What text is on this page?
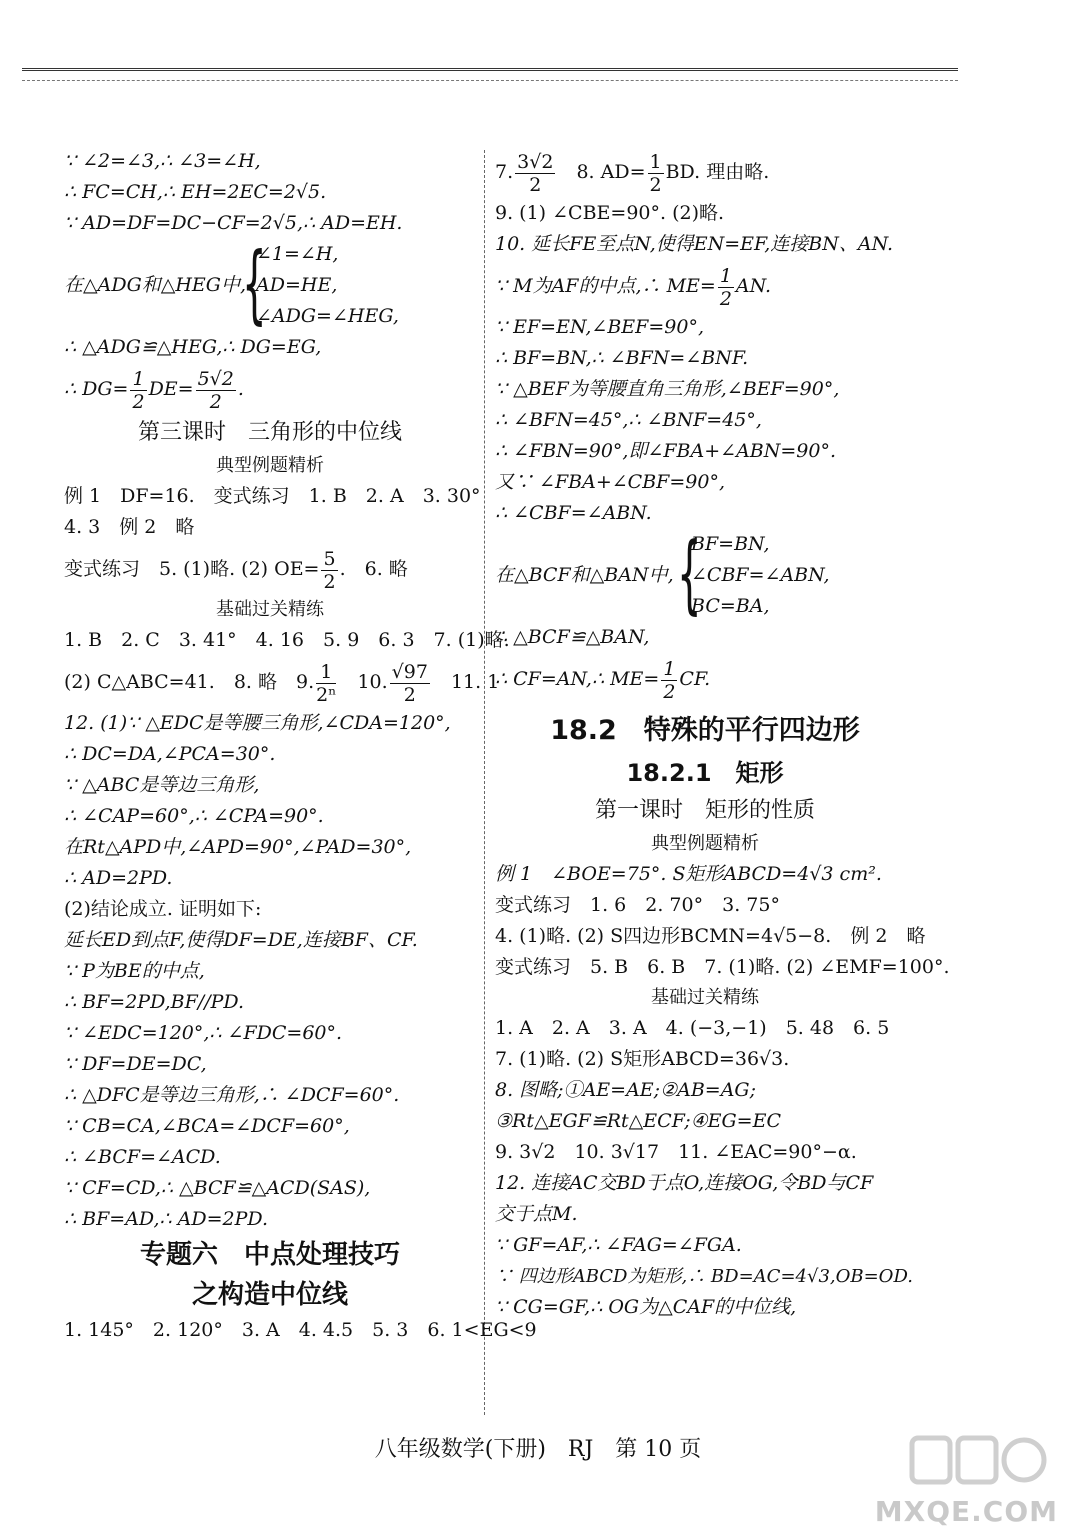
∵ ∠2=∠3,∴ ∠3=∠H,
∴ FC=CH,∴ EH=2EC=2√5.
∵ AD=DF=DC−CF=2√5,∴ AD=EH.
在△ADG和△HEG中,
{
∠1=∠H,
AD=HE,
∠ADG=∠HEG,
∴ △ADG≌△HEG,∴ DG=EG,
∴ $DG= \frac{1}{2} DE= \frac{5√2}{2}$ .
第三课时　三角形的中位线
典型例题精析
例 1　DF=16.　变式练习　1. B　2. A　3. 30°
4. 3　例 2　略
变式练习　5. (1)略. (2) $OE= \frac{5}{2}$ .　6. 略
基础过关精练
1. B　2. C　3. 41°　4. 16　5. 9　6. 3　7. (1)略.
(2) C△ABC=41.　8. 略　9. $\frac{1}{\text{2ⁿ}}$
　 10. $\frac{√97}{2}$
　 11. 1
12. (1)∵ △EDC是等腰三角形,∠CDA=120°,
∴ DC=DA,∠PCA=30°.
∵ △ABC是等边三角形,
∴ ∠CAP=60°,∴ ∠CPA=90°.
在Rt△APD中,∠APD=90°,∠PAD=30°,
∴ AD=2PD.
(2)结论成立. 证明如下:
延长ED到点F,使得DF=DE,连接BF、CF.
∵ P为BE的中点,
∴ BF=2PD,BF//PD.
∵ ∠EDC=120°,∴ ∠FDC=60°.
∵ DF=DE=DC,
∴ △DFC是等边三角形,∴ ∠DCF=60°.
∵ CB=CA,∠BCA=∠DCF=60°,
∴ ∠BCF=∠ACD.
∵ CF=CD,∴ △BCF≌△ACD(SAS),
∴ BF=AD,∴ AD=2PD.
专题六　中点处理技巧
之构造中位线
1. 145°　2. 120°　3. A　4. 4.5　5. 3　6. 1<EG<9
7. $\frac{3√2}{2}$
　 8. $AD= \frac{1}{2}$ BD. 理由略.
9. (1) ∠CBE=90°. (2)略.
10. 延长FE至点N,使得EN=EF,连接BN、AN.
∵ M为AF的中点,∴ $ME= \frac{1}{2}$ AN.
∵ EF=EN,∠BEF=90°,
∴ BF=BN,∴ ∠BFN=∠BNF.
∵ △BEF为等腰直角三角形,∠BEF=90°,
∴ ∠BFN=45°,∴ ∠BNF=45°,
∴ ∠FBN=90°,即∠FBA+∠ABN=90°.
又∵ ∠FBA+∠CBF=90°,
∴ ∠CBF=∠ABN.
在△BCF和△BAN中, {
BF=BN,
∠CBF=∠ABN,
BC=BA,
∴ △BCF≌△BAN,
∴ CF=AN,∴ $ME= \frac{1}{2}$ CF.
18.2　特殊的平行四边形
18.2.1　矩形
第一课时　矩形的性质
典型例题精析
例 1　∠BOE=75°. S矩形ABCD=4√3 cm².
变式练习　1. 6　2. 70°　3. 75°
4. (1)略. (2) S四边形BCMN=4√5−8.　例 2　略
变式练习　5. B　6. B　7. (1)略. (2) ∠EMF=100°.
基础过关精练
1. A　2. A　3. A　4. (−3,−1)　5. 48　6. 5
7. (1)略. (2) S矩形ABCD=36√3.
8. 图略;①AE=AE;②AB=AG;
③Rt△EGF≌Rt△ECF;④EG=EC
9. 3√2　10. 3√17　11. ∠EAC=90°−α.
12. 连接AC交BD于点O,连接OG,令BD与CF
交于点M.
∵ GF=AF,∴ ∠FAG=∠FGA.
∵ 四边形ABCD为矩形,∴ BD=AC=4√3,OB=OD.
∵ CG=GF,∴ OG为△CAF的中位线,
八年级数学(下册)　RJ　第 10 页
MXQE.COM
